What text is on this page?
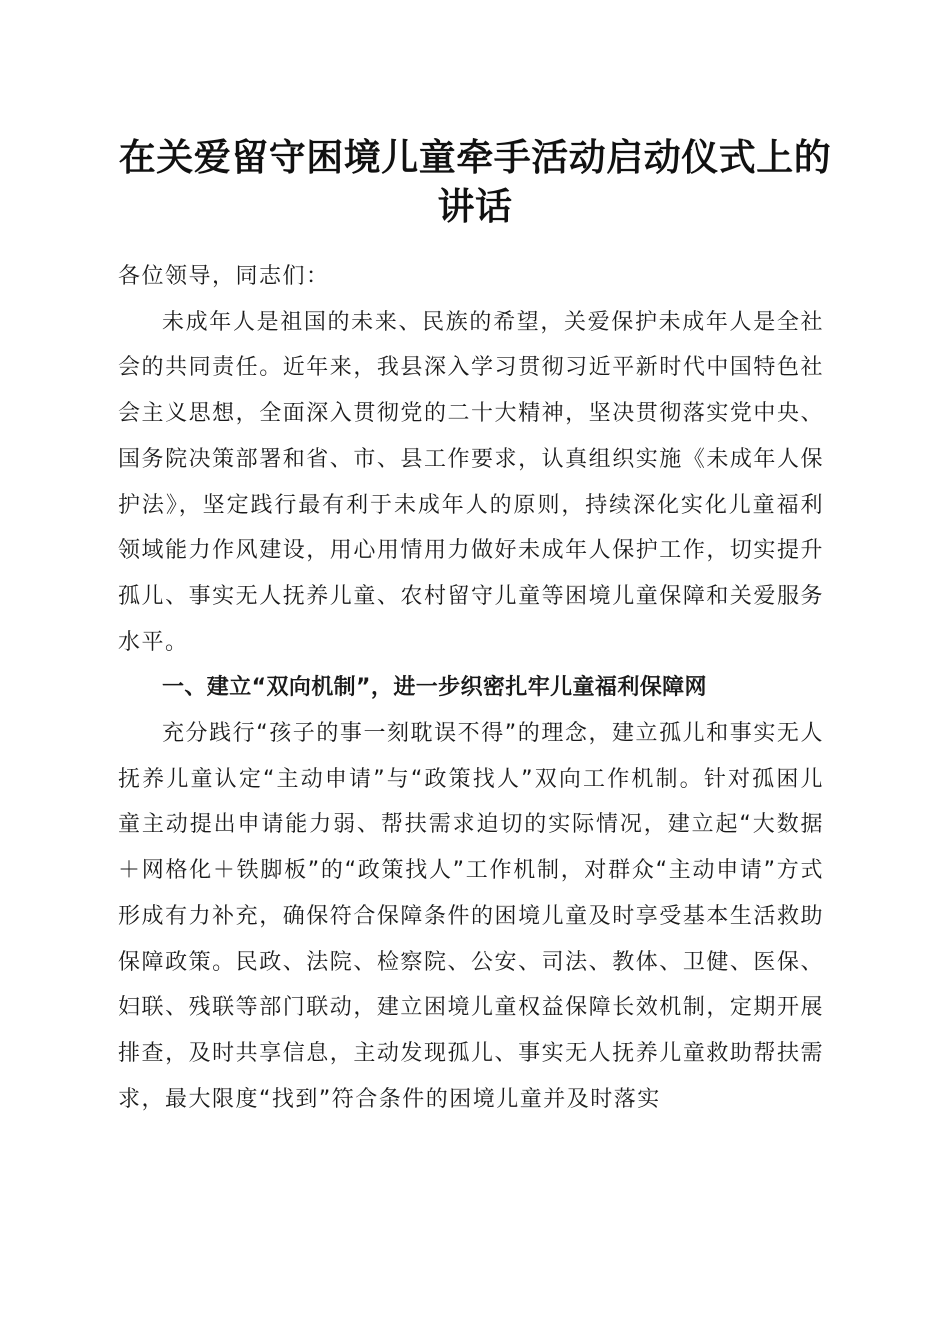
在关爱留守困境儿童牵手活动启动仪式上的讲话

各位领导，同志们：

未成年人是祖国的未来、民族的希望，关爱保护未成年人是全社会的共同责任。近年来，我县深入学习贯彻习近平新时代中国特色社会主义思想，全面深入贯彻党的二十大精神，坚决贯彻落实党中央、国务院决策部署和省、市、县工作要求，认真组织实施《未成年人保护法》，坚定践行最有利于未成年人的原则，持续深化实化儿童福利领域能力作风建设，用心用情用力做好未成年人保护工作，切实提升孤儿、事实无人抚养儿童、农村留守儿童等困境儿童保障和关爱服务水平。

一、建立“双向机制”，进一步织密扎牢儿童福利保障网

充分践行“孩子的事一刻耽误不得”的理念，建立孤儿和事实无人抚养儿童认定“主动申请”与“政策找人”双向工作机制。针对孤困儿童主动提出申请能力弱、帮扶需求迫切的实际情况，建立起“大数据＋网格化＋铁脚板”的“政策找人”工作机制，对群众“主动申请”方式形成有力补充，确保符合保障条件的困境儿童及时享受基本生活救助保障政策。民政、法院、检察院、公安、司法、教体、卫健、医保、妇联、残联等部门联动，建立困境儿童权益保障长效机制，定期开展排查，及时共享信息，主动发现孤儿、事实无人抚养儿童救助帮扶需求，最大限度“找到”符合条件的困境儿童并及时落实
